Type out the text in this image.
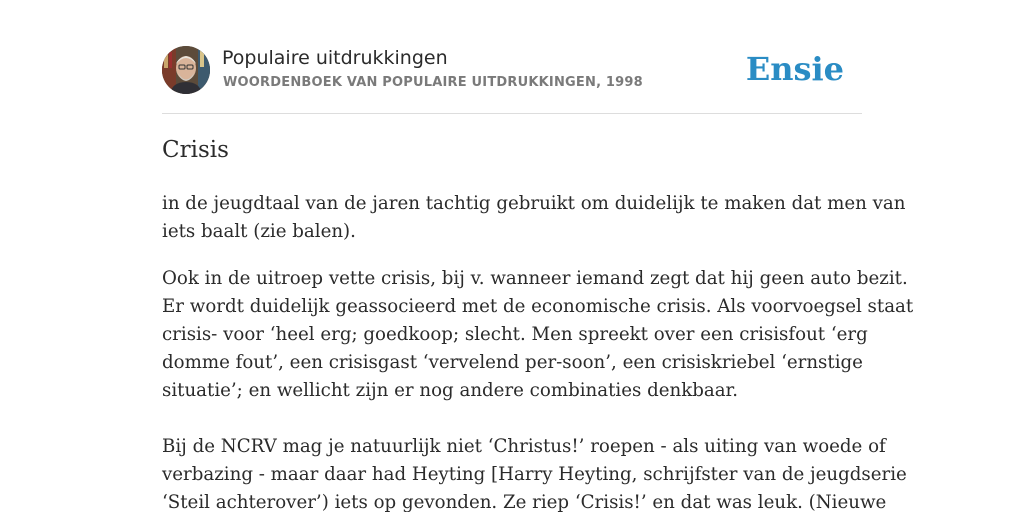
Populaire uitdrukkingen
WOORDENBOEK VAN POPULAIRE UITDRUKKINGEN, 1998	Ensie
Crisis

in de jeugdtaal van de jaren tachtig gebruikt om duidelijk te maken dat men van

iets baalt (zie balen).

Ook in de uitroep vette crisis, bij v. wanneer iemand zegt dat hij geen auto bezit.

Er wordt duidelijk geassocieerd met de economische crisis. Als voorvoegsel staat

crisis- voor ‘heel erg; goedkoop; slecht. Men spreekt over een crisisfout ‘erg

domme fout’, een crisisgast ‘vervelend per-soon’, een crisiskriebel ‘ernstige

situatie’; en wellicht zijn er nog andere combinaties denkbaar.

Bij de NCRV mag je natuurlijk niet ‘Christus!’ roepen - als uiting van woede of

verbazing - maar daar had Heyting [Harry Heyting, schrijfster van de jeugdserie

‘Steil achterover’) iets op gevonden. Ze riep ‘Crisis!’ en dat was leuk. (Nieuwe
